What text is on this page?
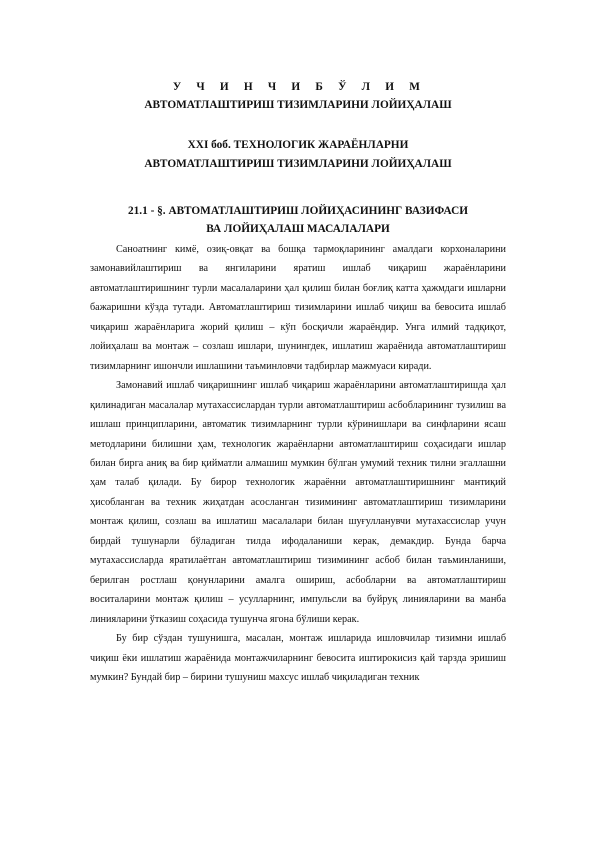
У Ч И Н Ч И Б Ў Л И М
АВТОМАТЛАШТИРИШ ТИЗИМЛАРИНИ ЛОЙИҲАЛАШ
XXI боб. ТЕХНОЛОГИК ЖАРАЁНЛАРНИ
АВТОМАТЛАШТИРИШ ТИЗИМЛАРИНИ ЛОЙИҲАЛАШ
21.1 - §. АВТОМАТЛАШТИРИШ ЛОЙИҲАСИНИНГ ВАЗИФАСИ
ВА ЛОЙИҲАЛАШ МАСАЛАЛАРИ

Саноатнинг кимё, озиқ-овқат ва бошқа тармоқларининг амалдаги корхоналарини замонавийлаштириш ва янгиларини яратиш ишлаб чиқариш жараёнларини автоматлаштиришнинг турли масалаларини ҳал қилиш билан боғлиқ катта ҳажмдаги ишларни бажаришни кўзда тутади. Автоматлаштириш тизимларини ишлаб чиқиш ва бевосита ишлаб чиқариш жараёнларига жорий қилиш – кўп босқичли жараёндир. Унга илмий тадқиқот, лойиҳалаш ва монтаж – созлаш ишлари, шунингдек, ишлатиш жараёнида автоматлаштириш тизимларнинг ишончли ишлашини таъминловчи тадбирлар мажмуаси киради.

Замонавий ишлаб чиқаришнинг ишлаб чиқариш жараёнларини автоматлаштиришда ҳал қилинадиган масалалар мутахассислардан турли автоматлаштириш асбобларининг тузилиш ва ишлаш принципларини, автоматик тизимларнинг турли кўринишлари ва синфларини ясаш методларини билишни ҳам, технологик жараёнларни автоматлаштириш соҳасидаги ишлар билан бирга аниқ ва бир қийматли алмашиш мумкин бўлган умумий техник тилни эгаллашни ҳам талаб қилади. Бу бирор технологик жараённи автоматлаштиришнинг мантиқий ҳисобланган ва техник жиҳатдан асосланган тизимининг автоматлаштириш тизимларини монтаж қилиш, созлаш ва ишлатиш масалалари билан шуғулланувчи мутахассислар учун бирдай тушунарли бўладиган тилда ифодаланиши керак, демакдир. Бунда барча мутахассисларда яратилаётган автоматлаштириш тизимининг асбоб билан таъминланиши, берилган ростлаш қонунларини амалга ошириш, асбобларни ва автоматлаштириш воситаларини монтаж қилиш – усулларнинг, импульсли ва буйруқ линияларини ва манба линияларини ўтказиш соҳасида тушунча ягона бўлиши керак.

Бу бир сўздан тушунишга, масалан, монтаж ишларида ишловчилар тизимни ишлаб чиқиш ёки ишлатиш жараёнида монтажчиларнинг бевосита иштирокисиз қай тарзда эришиш мумкин? Бундай бир – бирини тушуниш махсус ишлаб чиқиладиган техник
